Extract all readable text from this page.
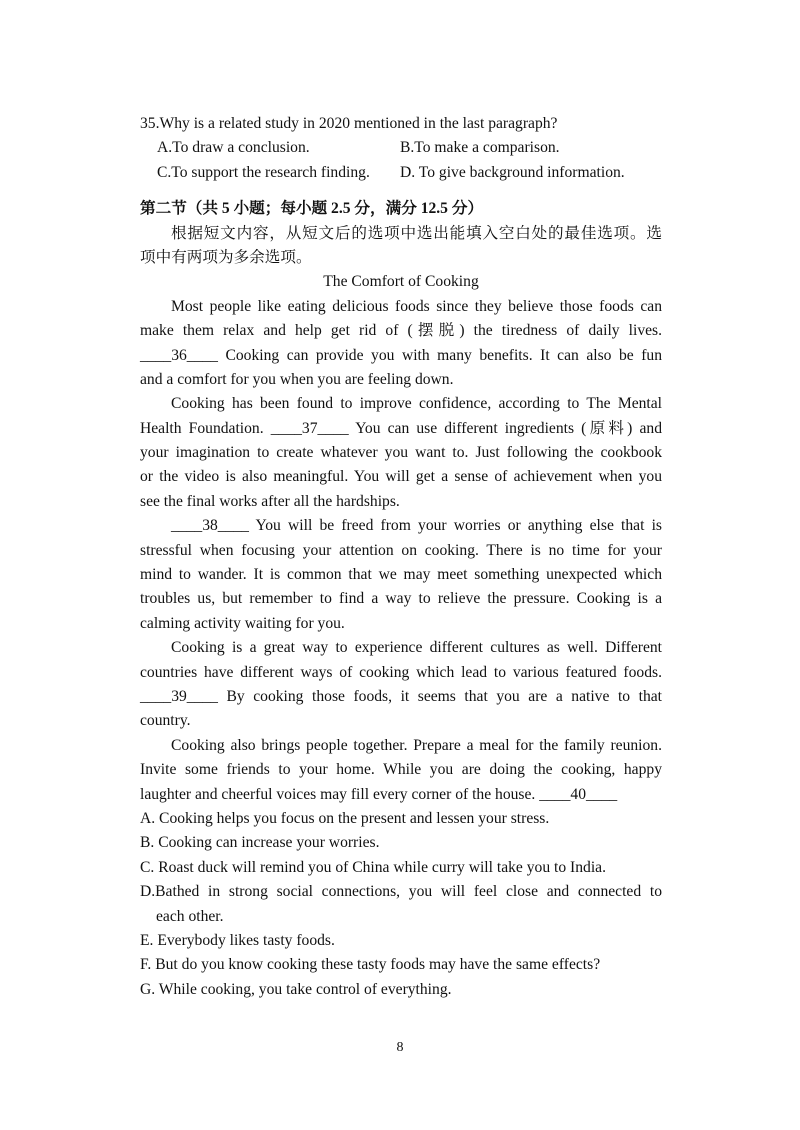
35.Why is a related study in 2020 mentioned in the last paragraph?
A.To draw a conclusion.	B.To make a comparison.
C.To support the research finding.	D. To give background information.
第二节（共 5 小题；每小题 2.5 分，满分 12.5 分）
根据短文内容，从短文后的选项中选出能填入空白处的最佳选项。选
项中有两项为多余选项。
The Comfort of Cooking
Most people like eating delicious foods since they believe those foods can
make them relax and help get rid of (摆脱) the tiredness of daily lives.
____36____ Cooking can provide you with many benefits. It can also be fun
and a comfort for you when you are feeling down.
Cooking has been found to improve confidence, according to The Mental
Health Foundation. ____37____ You can use different ingredients (原料) and
your imagination to create whatever you want to. Just following the cookbook
or the video is also meaningful. You will get a sense of achievement when you
see the final works after all the hardships.
____38____ You will be freed from your worries or anything else that is
stressful when focusing your attention on cooking. There is no time for your
mind to wander. It is common that we may meet something unexpected which
troubles us, but remember to find a way to relieve the pressure. Cooking is a
calming activity waiting for you.
Cooking is a great way to experience different cultures as well. Different
countries have different ways of cooking which lead to various featured foods.
____39____ By cooking those foods, it seems that you are a native to that
country.
Cooking also brings people together. Prepare a meal for the family reunion.
Invite some friends to your home. While you are doing the cooking, happy
laughter and cheerful voices may fill every corner of the house. ____40____
A. Cooking helps you focus on the present and lessen your stress.
B. Cooking can increase your worries.
C. Roast duck will remind you of China while curry will take you to India.
D.Bathed in strong social connections, you will feel close and connected to
each other.
E. Everybody likes tasty foods.
F. But do you know cooking these tasty foods may have the same effects?
G. While cooking, you take control of everything.
8
